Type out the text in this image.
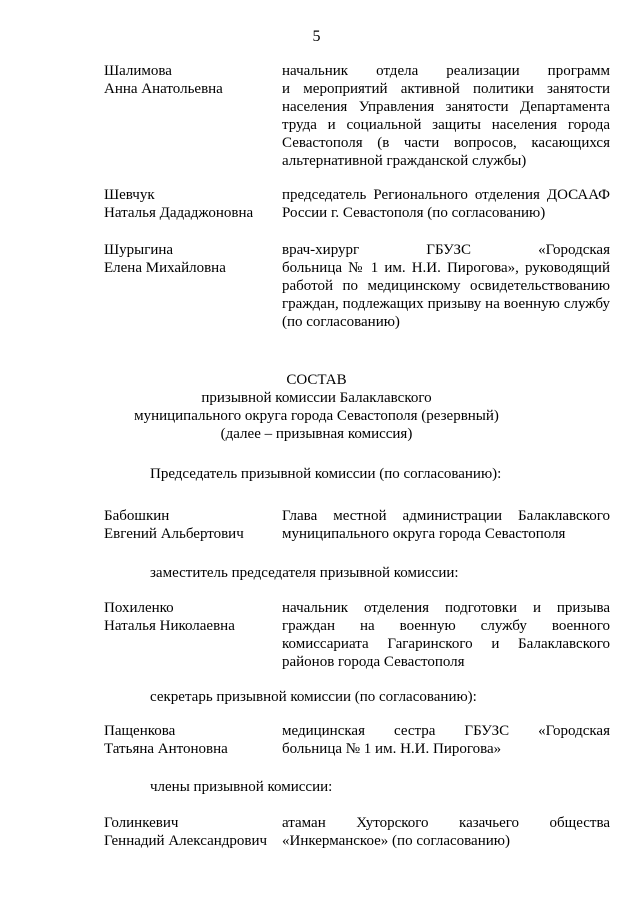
5
Шалимова
Анна Анатольевна
начальник отдела реализации программ
и мероприятий активной политики занятости
населения Управления занятости Департамента
труда и социальной защиты населения города
Севастополя (в части вопросов, касающихся
альтернативной гражданской службы)
Шевчук
Наталья Дададжоновна
председатель Регионального отделения ДОСААФ
России г. Севастополя (по согласованию)
Шурыгина
Елена Михайловна
врач-хирург ГБУЗС «Городская
больница № 1 им. Н.И. Пирогова», руководящий
работой по медицинскому освидетельствованию
граждан, подлежащих призыву на военную службу
(по согласованию)
СОСТАВ
призывной комиссии Балаклавского
муниципального округа города Севастополя (резервный)
(далее – призывная комиссия)
Председатель призывной комиссии (по согласованию):
Бабошкин
Евгений Альбертович
Глава местной администрации Балаклавского
муниципального округа города Севастополя
заместитель председателя призывной комиссии:
Похиленко
Наталья Николаевна
начальник отделения подготовки и призыва
граждан на военную службу военного
комиссариата Гагаринского и Балаклавского
районов города Севастополя
секретарь призывной комиссии (по согласованию):
Пащенкова
Татьяна Антоновна
медицинская сестра ГБУЗС «Городская
больница № 1 им. Н.И. Пирогова»
члены призывной комиссии:
Голинкевич
Геннадий Александрович
атаман Хуторского казачьего общества
«Инкерманское» (по согласованию)
